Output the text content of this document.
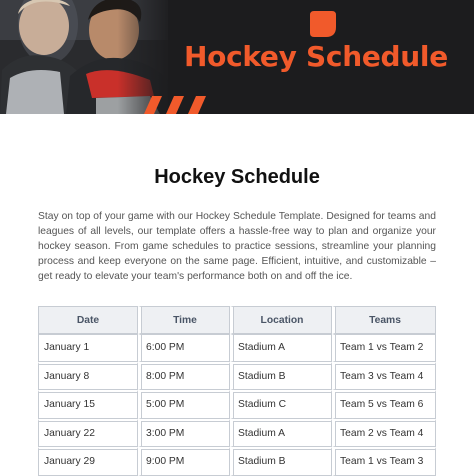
Hockey Schedule
Hockey Schedule

Stay on top of your game with our Hockey Schedule Template. Designed for teams and leagues of all levels, our template offers a hassle-free way to plan and organize your hockey season. From game schedules to practice sessions, streamline your planning process and keep everyone on the same page. Efficient, intuitive, and customizable – get ready to elevate your team's performance both on and off the ice.

Date	Time	Location	Teams
January 1	6:00 PM	Stadium A	Team 1 vs Team 2
January 8	8:00 PM	Stadium B	Team 3 vs Team 4
January 15	5:00 PM	Stadium C	Team 5 vs Team 6
January 22	3:00 PM	Stadium A	Team 2 vs Team 4
January 29	9:00 PM	Stadium B	Team 1 vs Team 3
